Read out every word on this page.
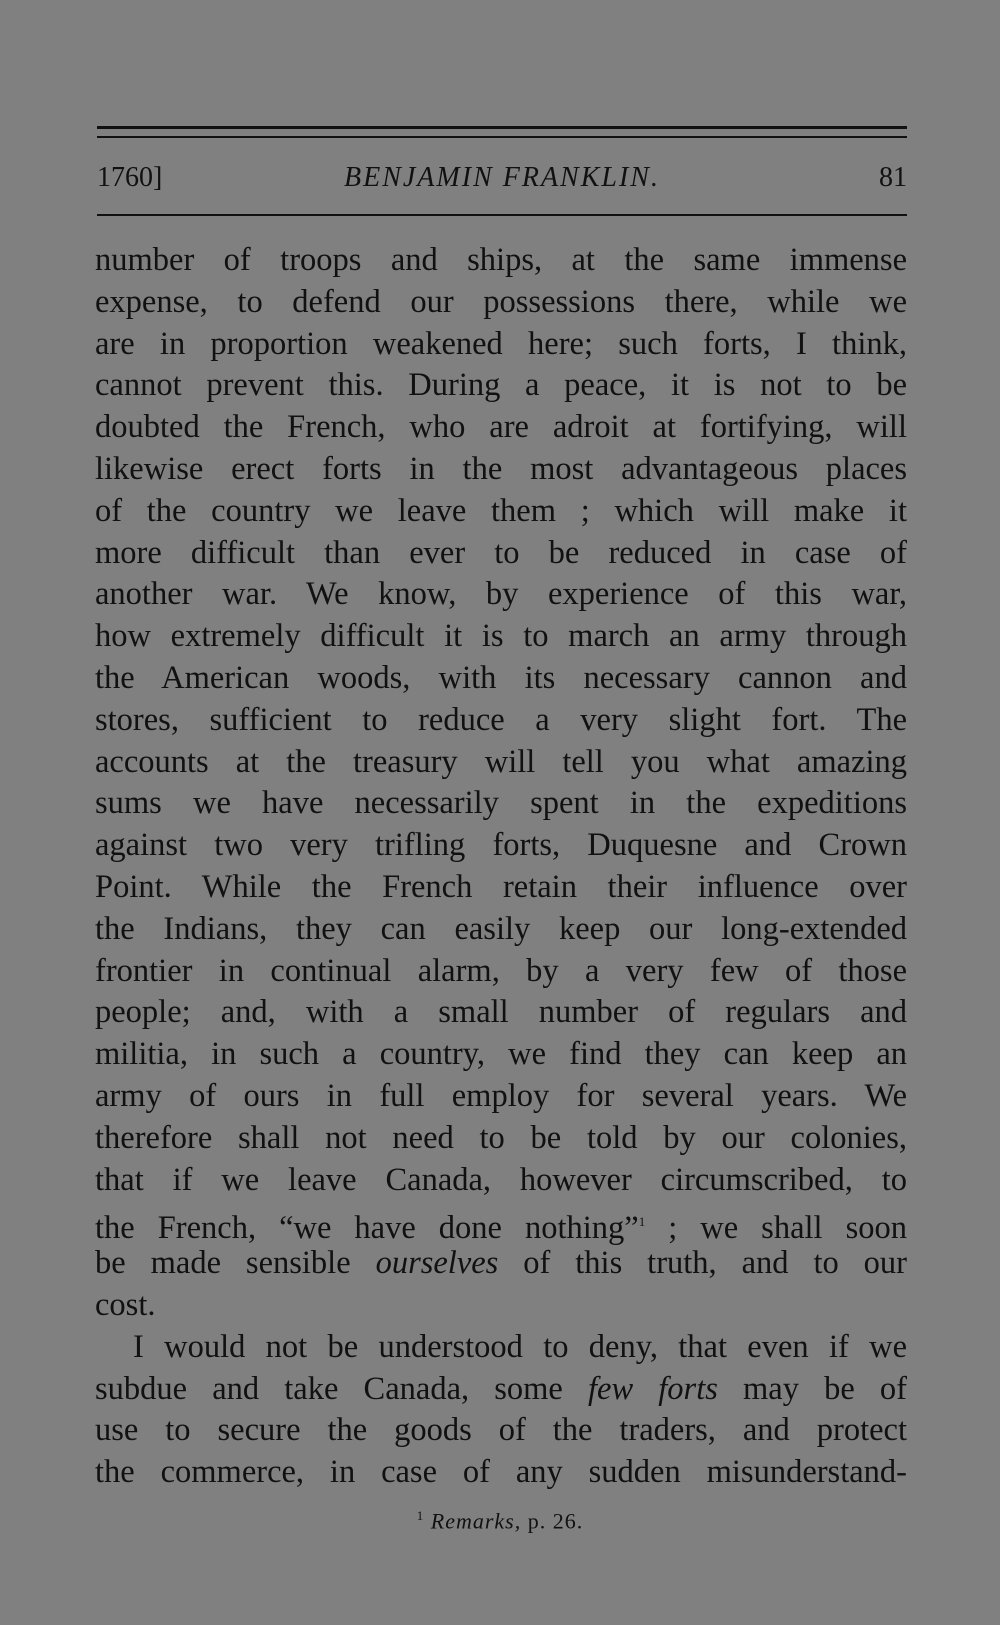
1760]	BENJAMIN FRANKLIN.	81
number of troops and ships, at the same immense
expense, to defend our possessions there, while we
are in proportion weakened here; such forts, I think,
cannot prevent this. During a peace, it is not to be
doubted the French, who are adroit at fortifying, will
likewise erect forts in the most advantageous places
of the country we leave them ; which will make it
more difficult than ever to be reduced in case of
another war. We know, by experience of this war,
how extremely difficult it is to march an army through
the American woods, with its necessary cannon and
stores, sufficient to reduce a very slight fort. The
accounts at the treasury will tell you what amazing
sums we have necessarily spent in the expeditions
against two very trifling forts, Duquesne and Crown
Point. While the French retain their influence over
the Indians, they can easily keep our long-extended
frontier in continual alarm, by a very few of those
people; and, with a small number of regulars and
militia, in such a country, we find they can keep an
army of ours in full employ for several years. We
therefore shall not need to be told by our colonies,
that if we leave Canada, however circumscribed, to
the French, “we have done nothing”$^1$ ; we shall soon
be made sensible ourselves of this truth, and to our
cost.
I would not be understood to deny, that even if we
subdue and take Canada, some few forts may be of
use to secure the goods of the traders, and protect
the commerce, in case of any sudden misunderstand-
$^1$ Remarks, p. 26.
